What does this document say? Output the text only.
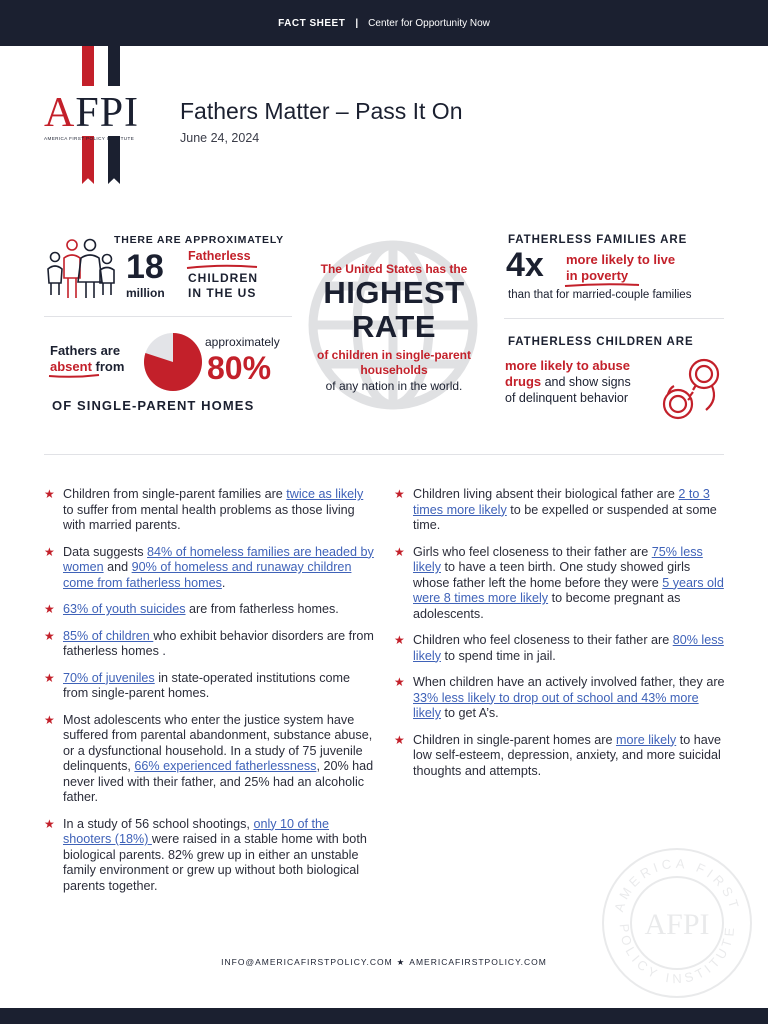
FACT SHEET | Center for Opportunity Now
AFPI
AMERICA FIRST POLICY INSTITUTE
Fathers Matter – Pass It On
June 24, 2024
THERE ARE APPROXIMATELY
18
million
Fatherless
CHILDREN
IN THE US
Fathers are
absent from
approximately
80%
OF SINGLE-PARENT HOMES
The United States has the
HIGHEST
RATE
of children in single-parent households
of any nation in the world.
FATHERLESS FAMILIES ARE
4x more likely to live
in poverty
than that for married-couple families
FATHERLESS CHILDREN ARE
more likely to abuse
drugs and show signs
of delinquent behavior
★ Children from single-parent families are twice as likely to suffer from mental health problems as those living with married parents.
★ Data suggests 84% of homeless families are headed by women and 90% of homeless and runaway children come from fatherless homes.
★ 63% of youth suicides are from fatherless homes.
★ 85% of children who exhibit behavior disorders are from fatherless homes .
★ 70% of juveniles in state-operated institutions come from single-parent homes.
★ Most adolescents who enter the justice system have suffered from parental abandonment, substance abuse, or a dysfunctional household. In a study of 75 juvenile delinquents, 66% experienced fatherlessness, 20% had never lived with their father, and 25% had an alcoholic father.
★ In a study of 56 school shootings, only 10 of the shooters (18%) were raised in a stable home with both biological parents. 82% grew up in either an unstable family environment or grew up without both biological parents together.
★ Children living absent their biological father are 2 to 3 times more likely to be expelled or suspended at some time.
★ Girls who feel closeness to their father are 75% less likely to have a teen birth. One study showed girls whose father left the home before they were 5 years old were 8 times more likely to become pregnant as adolescents.
★ Children who feel closeness to their father are 80% less likely to spend time in jail.
★ When children have an actively involved father, they are 33% less likely to drop out of school and 43% more likely to get A’s.
★ Children in single-parent homes are more likely to have low self-esteem, depression, anxiety, and more suicidal thoughts and attempts.
INFO@AMERICAFIRSTPOLICY.COM ★ AMERICAFIRSTPOLICY.COM
AMERICA FIRST
POLICY INSTITUTE
AFPI
